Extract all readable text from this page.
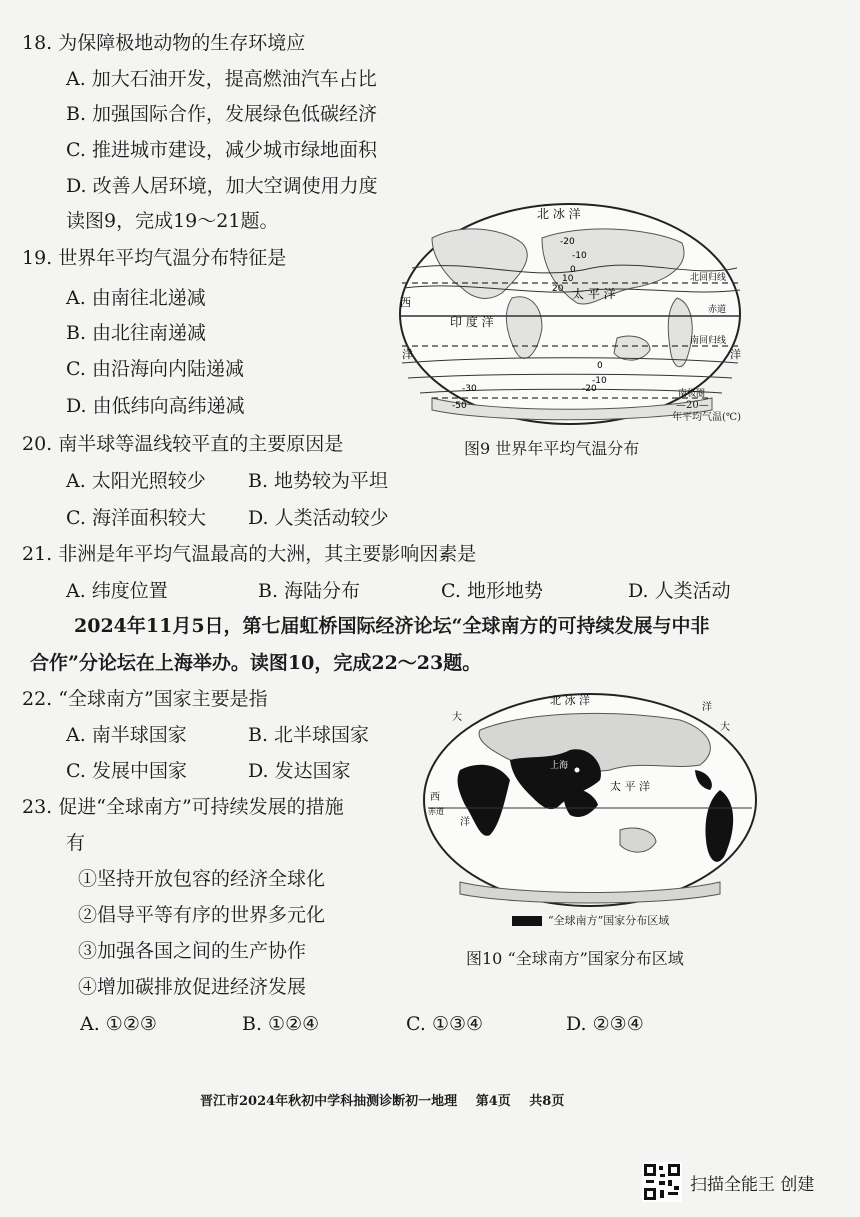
18. 为保障极地动物的生存环境应
A. 加大石油开发，提高燃油汽车占比
B. 加强国际合作，发展绿色低碳经济
C. 推进城市建设，减少城市绿地面积
D. 改善人居环境，加大空调使用力度
读图9，完成19～21题。
19. 世界年平均气温分布特征是
A. 由南往北递减
B. 由北往南递减
C. 由沿海向内陆递减
D. 由低纬向高纬递减
20. 南半球等温线较平直的主要原因是
A. 太阳光照较少 B. 地势较为平坦
C. 海洋面积较大 D. 人类活动较少
北 冰 洋
太 平 洋
印 度 洋
西
洋	洋
北回归线
赤道
南回归线
南极圈
-20
-10
0
10
20
0
-10
-20
-30
-50	—20—
年平均气温(℃)
图9 世界年平均气温分布
21. 非洲是年平均气温最高的大洲，其主要影响因素是
A. 纬度位置	B. 海陆分布	C. 地形地势	D. 人类活动
2024年11月5日，第七届虹桥国际经济论坛“全球南方的可持续发展与中非
合作”分论坛在上海举办。读图10，完成22～23题。
22. “全球南方”国家主要是指
A. 南半球国家	B. 北半球国家
C. 发展中国家	D. 发达国家
23. 促进“全球南方”可持续发展的措施
有
①坚持开放包容的经济全球化
②倡导平等有序的世界多元化
③加强各国之间的生产协作
④增加碳排放促进经济发展
A. ①②③	B. ①②④	C. ①③④	D. ②③④
北 冰 洋
上海
太 平 洋
西
赤道
大
大
洋
洋
“全球南方”国家分布区域
图10 “全球南方”国家分布区域
晋江市2024年秋初中学科抽测诊断初一地理 第4页 共8页
扫描全能王 创建
